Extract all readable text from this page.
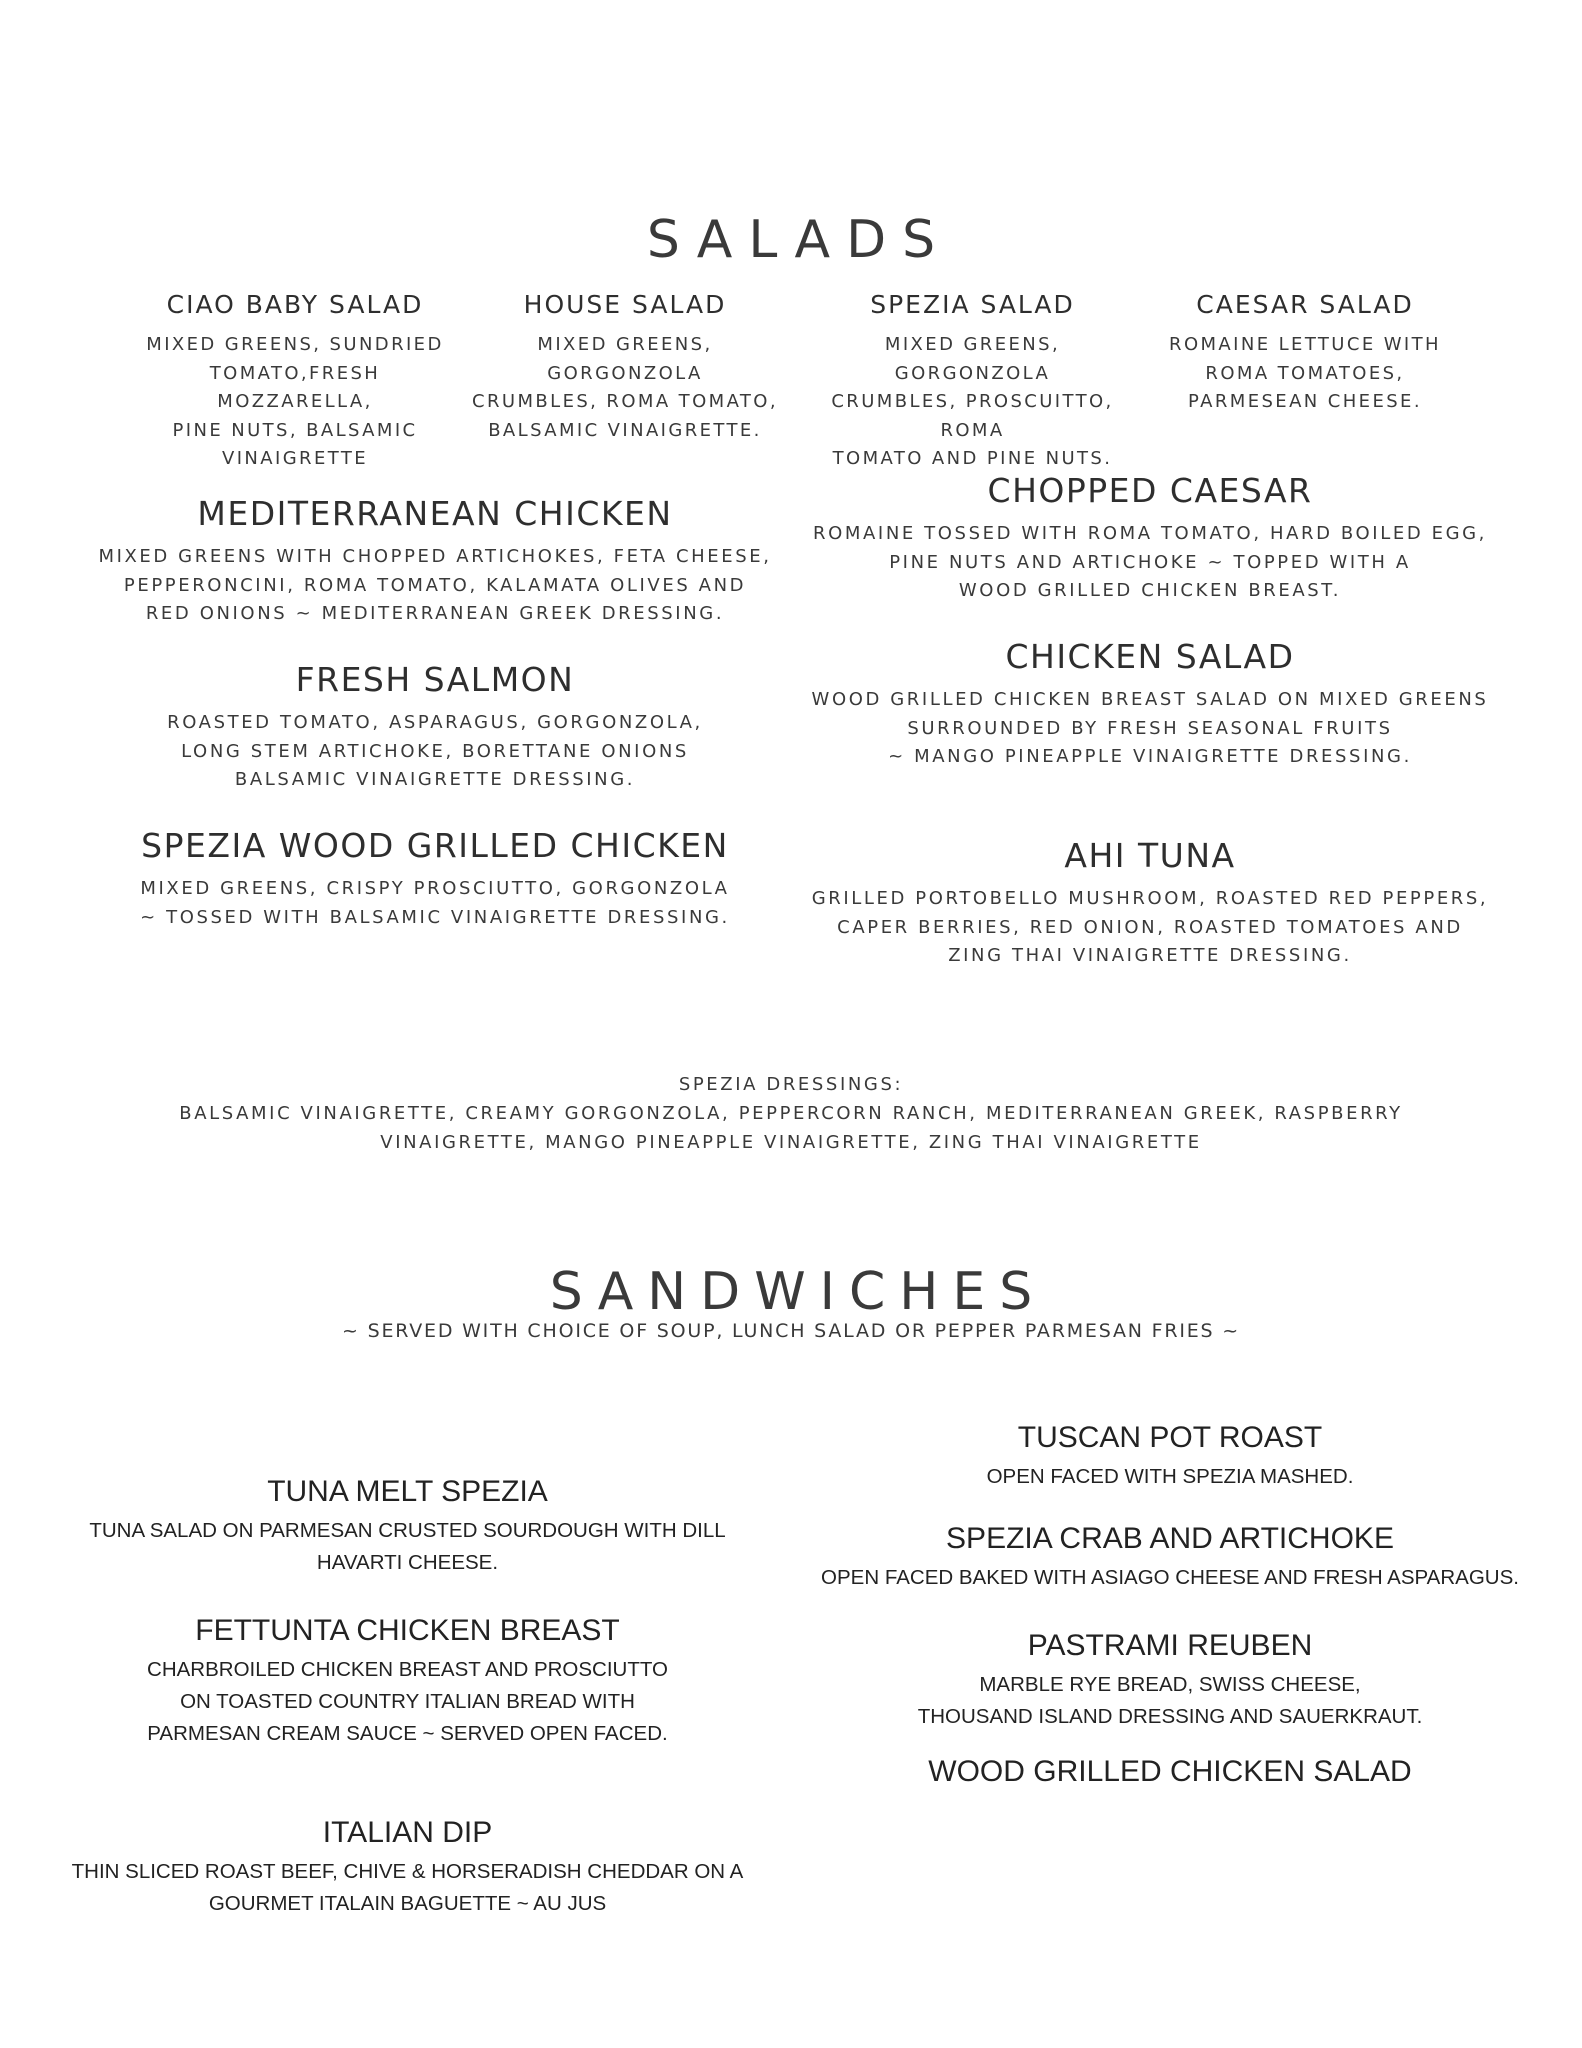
SALADS
CIAO BABY SALAD
MIXED GREENS, SUNDRIED
TOMATO,FRESH MOZZARELLA,
PINE NUTS, BALSAMIC
VINAIGRETTE
HOUSE SALAD
MIXED GREENS, GORGONZOLA
CRUMBLES, ROMA TOMATO,
BALSAMIC VINAIGRETTE.
SPEZIA SALAD
MIXED GREENS, GORGONZOLA
CRUMBLES, PROSCUITTO, ROMA
TOMATO AND PINE NUTS.
CAESAR SALAD
ROMAINE LETTUCE WITH
ROMA TOMATOES,
PARMESEAN CHEESE.
MEDITERRANEAN CHICKEN
MIXED GREENS WITH CHOPPED ARTICHOKES, FETA CHEESE,
PEPPERONCINI, ROMA TOMATO, KALAMATA OLIVES AND
RED ONIONS ~ MEDITERRANEAN GREEK DRESSING.
FRESH SALMON
ROASTED TOMATO, ASPARAGUS, GORGONZOLA,
LONG STEM ARTICHOKE, BORETTANE ONIONS
BALSAMIC VINAIGRETTE DRESSING.
SPEZIA WOOD GRILLED CHICKEN
MIXED GREENS, CRISPY PROSCIUTTO, GORGONZOLA
~ TOSSED WITH BALSAMIC VINAIGRETTE DRESSING.
CHOPPED CAESAR
ROMAINE TOSSED WITH ROMA TOMATO, HARD BOILED EGG,
PINE NUTS AND ARTICHOKE ~ TOPPED WITH A
WOOD GRILLED CHICKEN BREAST.
CHICKEN SALAD
WOOD GRILLED CHICKEN BREAST SALAD ON MIXED GREENS
SURROUNDED BY FRESH SEASONAL FRUITS
~ MANGO PINEAPPLE VINAIGRETTE DRESSING.
AHI TUNA
GRILLED PORTOBELLO MUSHROOM, ROASTED RED PEPPERS,
CAPER BERRIES, RED ONION, ROASTED TOMATOES AND
ZING THAI VINAIGRETTE DRESSING.
SPEZIA DRESSINGS:
BALSAMIC VINAIGRETTE, CREAMY GORGONZOLA, PEPPERCORN RANCH, MEDITERRANEAN GREEK, RASPBERRY
VINAIGRETTE, MANGO PINEAPPLE VINAIGRETTE, ZING THAI VINAIGRETTE
SANDWICHES
~ SERVED WITH CHOICE OF SOUP, LUNCH SALAD OR PEPPER PARMESAN FRIES ~
TUNA MELT SPEZIA
TUNA SALAD ON PARMESAN CRUSTED SOURDOUGH WITH DILL
HAVARTI CHEESE.
FETTUNTA CHICKEN BREAST
CHARBROILED CHICKEN BREAST AND PROSCIUTTO
ON TOASTED COUNTRY ITALIAN BREAD WITH
PARMESAN CREAM SAUCE ~ SERVED OPEN FACED.
ITALIAN DIP
THIN SLICED ROAST BEEF, CHIVE & HORSERADISH CHEDDAR ON A
GOURMET ITALAIN BAGUETTE ~ AU JUS
TUSCAN POT ROAST
OPEN FACED WITH SPEZIA MASHED.
SPEZIA CRAB AND ARTICHOKE
OPEN FACED BAKED WITH ASIAGO CHEESE AND FRESH ASPARAGUS.
PASTRAMI REUBEN
MARBLE RYE BREAD, SWISS CHEESE,
THOUSAND ISLAND DRESSING AND SAUERKRAUT.
WOOD GRILLED CHICKEN SALAD
